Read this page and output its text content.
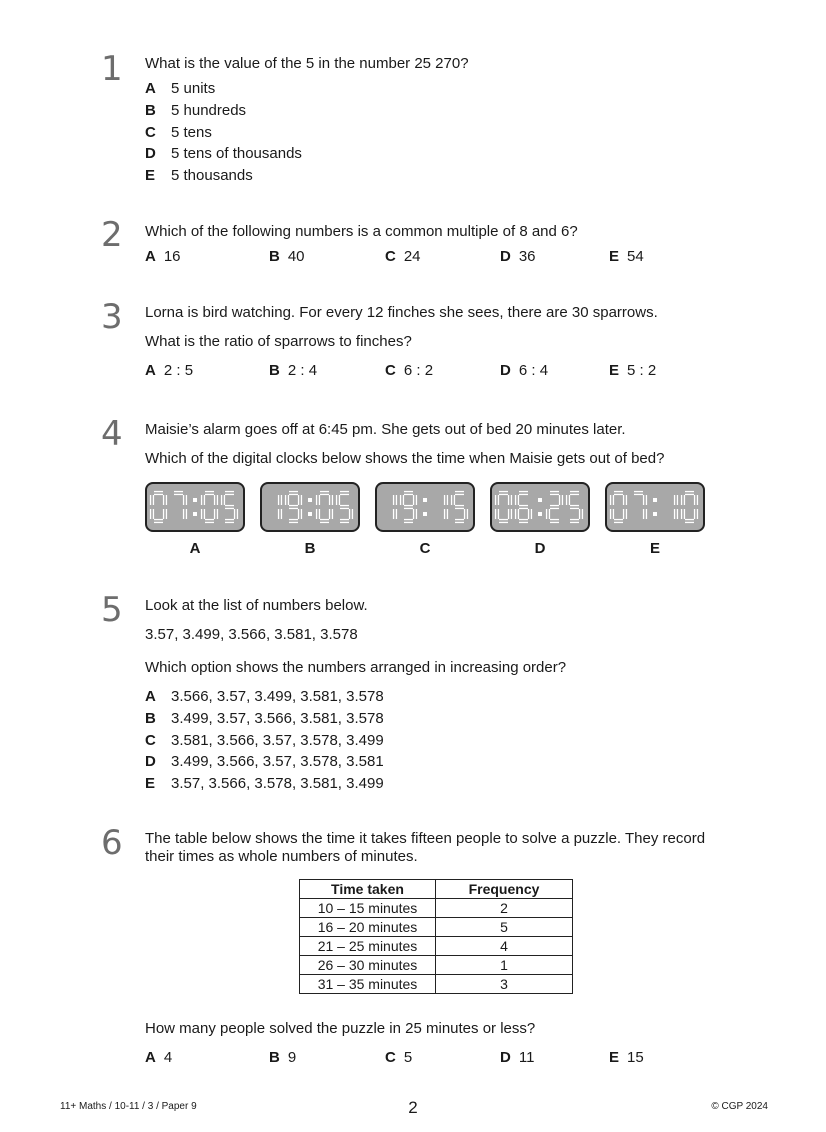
1 What is the value of the 5 in the number 25 270?
A	5 units
B	5 hundreds
C	5 tens
D	5 tens of thousands
E	5 thousands
2 Which of the following numbers is a common multiple of 8 and 6?
A 16	B 40	C 24	D 36	E 54
3 Lorna is bird watching. For every 12 finches she sees, there are 30 sparrows.
What is the ratio of sparrows to finches?
A 2 : 5	B 2 : 4	C 6 : 2	D 6 : 4	E 5 : 2
4 Maisie’s alarm goes off at 6:45 pm. She gets out of bed 20 minutes later.
Which of the digital clocks below shows the time when Maisie gets out of bed?
A	B	C	D	E
5 Look at the list of numbers below.
3.57, 3.499, 3.566, 3.581, 3.578
Which option shows the numbers arranged in increasing order?
A	3.566, 3.57, 3.499, 3.581, 3.578
B	3.499, 3.57, 3.566, 3.581, 3.578
C	3.581, 3.566, 3.57, 3.578, 3.499
D	3.499, 3.566, 3.57, 3.578, 3.581
E	3.57, 3.566, 3.578, 3.581, 3.499
6 The table below shows the time it takes fifteen people to solve a puzzle. They record
their times as whole numbers of minutes.
Time taken	Frequency
10 – 15 minutes	2
16 – 20 minutes	5
21 – 25 minutes	4
26 – 30 minutes	1
31 – 35 minutes	3
How many people solved the puzzle in 25 minutes or less?
A 4	B 9	C 5	D 11	E 15
11+ Maths / 10-11 / 3 / Paper 9	2	© CGP 2024
